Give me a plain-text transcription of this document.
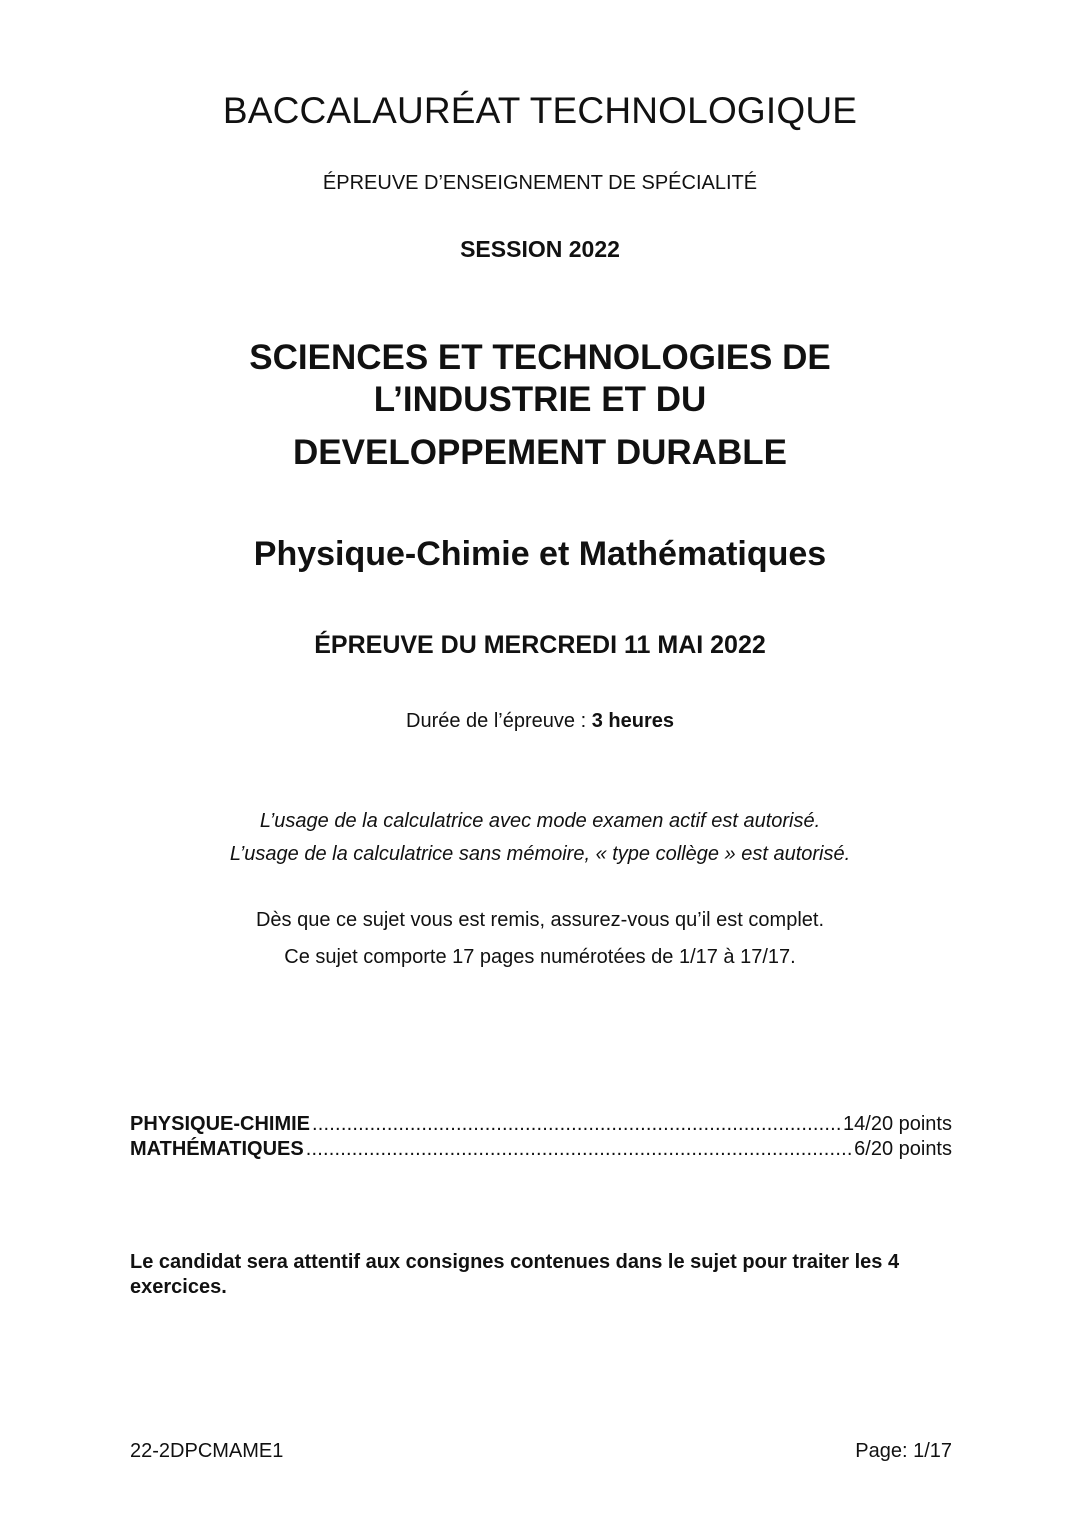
BACCALAURÉAT TECHNOLOGIQUE
ÉPREUVE D’ENSEIGNEMENT DE SPÉCIALITÉ
SESSION 2022
SCIENCES ET TECHNOLOGIES DE
L’INDUSTRIE ET DU
DEVELOPPEMENT DURABLE
Physique-Chimie et Mathématiques
ÉPREUVE DU MERCREDI 11 MAI 2022
Durée de l’épreuve : 3 heures
L’usage de la calculatrice avec mode examen actif est autorisé.
L’usage de la calculatrice sans mémoire, « type collège » est autorisé.
Dès que ce sujet vous est remis, assurez-vous qu’il est complet.
Ce sujet comporte 17 pages numérotées de 1/17 à 17/17.
PHYSIQUE-CHIMIE .....	14/20 points
MATHÉMATIQUES .....	6/20 points
Le candidat sera attentif aux consignes contenues dans le sujet pour traiter les 4 exercices.
22-2DPCMAME1	Page: 1/17
